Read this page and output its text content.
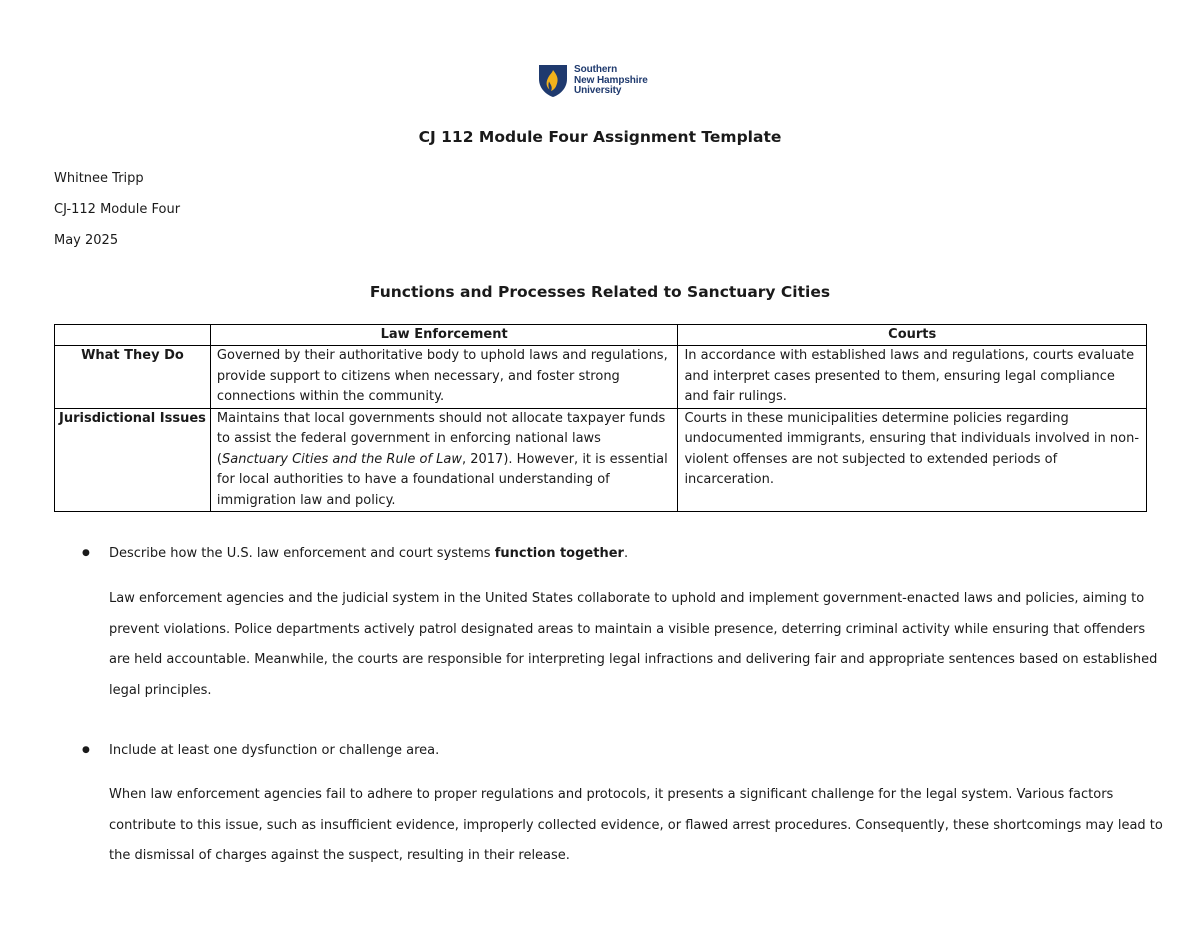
Southern
New Hampshire
University
CJ 112 Module Four Assignment Template
Whitnee Tripp
CJ-112 Module Four
May 2025
Functions and Processes Related to Sanctuary Cities
	Law Enforcement	Courts
What They Do	Governed by their authoritative body to uphold laws and regulations, provide support to citizens when necessary, and foster strong connections within the community.	In accordance with established laws and regulations, courts evaluate and interpret cases presented to them, ensuring legal compliance and fair rulings.
Jurisdictional Issues	Maintains that local governments should not allocate taxpayer funds to assist the federal government in enforcing national laws (Sanctuary Cities and the Rule of Law, 2017). However, it is essential for local authorities to have a foundational understanding of immigration law and policy.	Courts in these municipalities determine policies regarding undocumented immigrants, ensuring that individuals involved in non-violent offenses are not subjected to extended periods of incarceration.
● Describe how the U.S. law enforcement and court systems function together.
Law enforcement agencies and the judicial system in the United States collaborate to uphold and implement government-enacted laws and policies, aiming to prevent violations. Police departments actively patrol designated areas to maintain a visible presence, deterring criminal activity while ensuring that offenders are held accountable. Meanwhile, the courts are responsible for interpreting legal infractions and delivering fair and appropriate sentences based on established legal principles.
● Include at least one dysfunction or challenge area.
When law enforcement agencies fail to adhere to proper regulations and protocols, it presents a significant challenge for the legal system. Various factors contribute to this issue, such as insufficient evidence, improperly collected evidence, or flawed arrest procedures. Consequently, these shortcomings may lead to the dismissal of charges against the suspect, resulting in their release.
